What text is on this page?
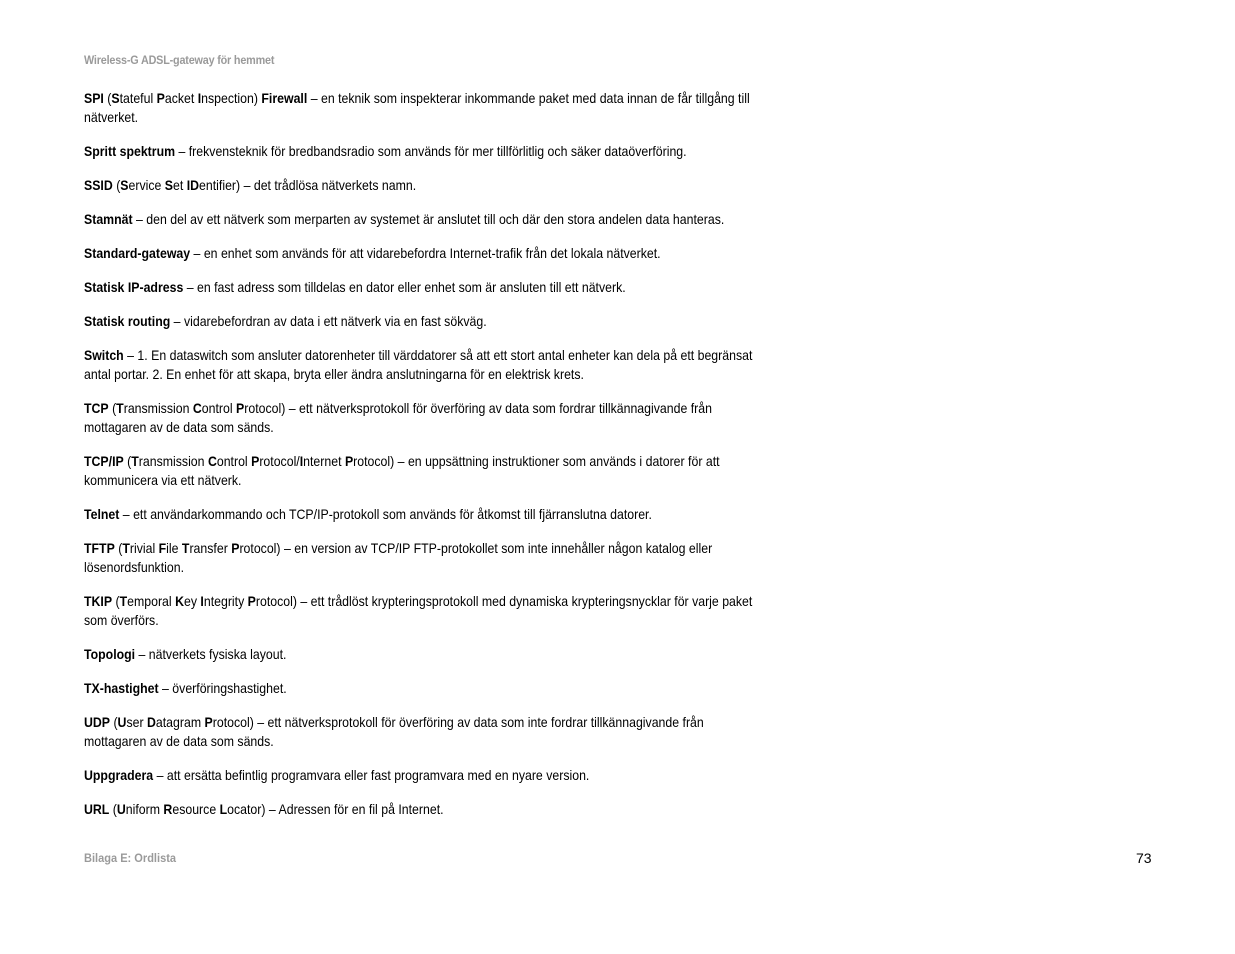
Wireless-G ADSL-gateway för hemmet
SPI (Stateful Packet Inspection) Firewall – en teknik som inspekterar inkommande paket med data innan de får tillgång till nätverket.
Spritt spektrum – frekvensteknik för bredbandsradio som används för mer tillförlitlig och säker dataöverföring.
SSID (Service Set IDentifier) – det trådlösa nätverkets namn.
Stamnät – den del av ett nätverk som merparten av systemet är anslutet till och där den stora andelen data hanteras.
Standard-gateway – en enhet som används för att vidarebefordra Internet-trafik från det lokala nätverket.
Statisk IP-adress – en fast adress som tilldelas en dator eller enhet som är ansluten till ett nätverk.
Statisk routing – vidarebefordran av data i ett nätverk via en fast sökväg.
Switch – 1. En dataswitch som ansluter datorenheter till värddatorer så att ett stort antal enheter kan dela på ett begränsat antal portar. 2. En enhet för att skapa, bryta eller ändra anslutningarna för en elektrisk krets.
TCP (Transmission Control Protocol) – ett nätverksprotokoll för överföring av data som fordrar tillkännagivande från mottagaren av de data som sänds.
TCP/IP (Transmission Control Protocol/Internet Protocol) – en uppsättning instruktioner som används i datorer för att kommunicera via ett nätverk.
Telnet – ett användarkommando och TCP/IP-protokoll som används för åtkomst till fjärranslutna datorer.
TFTP (Trivial File Transfer Protocol) – en version av TCP/IP FTP-protokollet som inte innehåller någon katalog eller lösenordsfunktion.
TKIP (Temporal Key Integrity Protocol) – ett trådlöst krypteringsprotokoll med dynamiska krypteringsnycklar för varje paket som överförs.
Topologi – nätverkets fysiska layout.
TX-hastighet – överföringshastighet.
UDP (User Datagram Protocol) – ett nätverksprotokoll för överföring av data som inte fordrar tillkännagivande från mottagaren av de data som sänds.
Uppgradera – att ersätta befintlig programvara eller fast programvara med en nyare version.
URL (Uniform Resource Locator) – Adressen för en fil på Internet.
Bilaga E: Ordlista	73
